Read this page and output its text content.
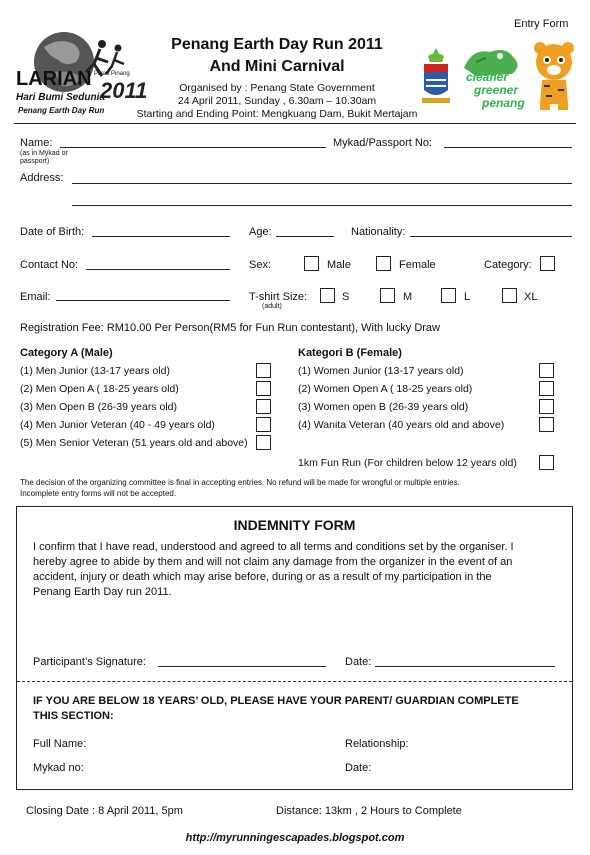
Entry Form
LARIAN Pulau Pinang
Hari Bumi Sedunia
2011
Penang Earth Day Run
Penang Earth Day Run 2011
And Mini Carnival
Organised by : Penang State Government
24 April 2011, Sunday , 6.30am – 10.30am
Starting and Ending Point: Mengkuang Dam, Bukit Mertajam
cleaner
greener
penang
Name:
(as in Mykad or passport)
Mykad/Passport No:
Address:
Date of Birth:	Age:	Nationality:
Contact No:	Sex:	Male	Female	Category:
Email:	T-shirt Size:
(adult)
S	M	L	XL
Registration Fee: RM10.00 Per Person(RM5 for Fun Run contestant), With lucky Draw
Category A (Male)	Kategori B (Female)
(1) Men Junior (13-17 years old)
(2) Men Open A ( 18-25 years old)
(3) Men Open B (26-39 years old)
(4) Men Junior Veteran (40 - 49 years old)
(5) Men Senior Veteran (51 years old and above)
(1) Women Junior (13-17 years old)
(2) Women Open A ( 18-25 years old)
(3) Women open B (26-39 years old)
(4) Wanita Veteran (40 years old and above)
1km Fun Run (For children below 12 years old)
The decision of the organizing committee is final in accepting entries. No refund will be made for wrongful or multiple entries.
Incomplete entry forms will not be accepted.
INDEMNITY FORM
I confirm that I have read, understood and agreed to all terms and conditions set by the organiser. I
hereby agree to abide by them and will not claim any damage from the organizer in the event of an
accident, injury or death which may arise before, during or as a result of my participation in the
Penang Earth Day run 2011.
Participant’s Signature:	Date:
IF YOU ARE BELOW 18 YEARS’ OLD, PLEASE HAVE YOUR PARENT/ GUARDIAN COMPLETE
THIS SECTION:
Full Name:	Relationship:
Mykad no:	Date:
Closing Date : 8 April 2011, 5pm	Distance: 13km , 2 Hours to Complete
http://myrunningescapades.blogspot.com
